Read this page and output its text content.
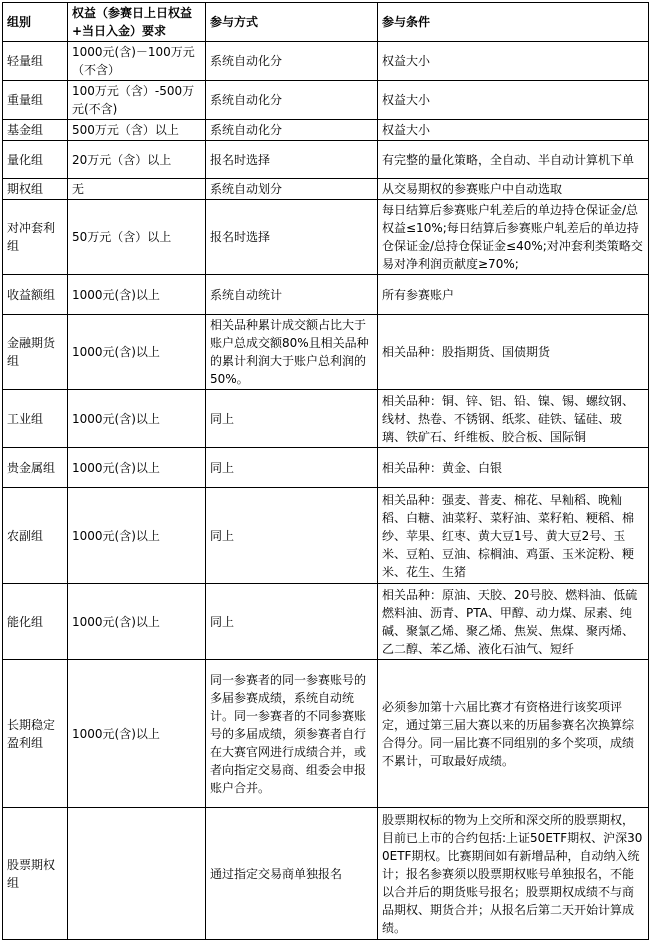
组别	权益（参赛日上日权益+当日入金）要求	参与方式	参与条件
轻量组	1000元(含)－100万元（不含）	系统自动化分	权益大小
重量组	100万元（含）-500万元(不含)	系统自动化分	权益大小
基金组	500万元（含）以上	系统自动化分	权益大小
量化组	20万元（含）以上	报名时选择	有完整的量化策略，全自动、半自动计算机下单
期权组	无	系统自动划分	从交易期权的参赛账户中自动选取
对冲套利组	50万元（含）以上	报名时选择	每日结算后参赛账户轧差后的单边持仓保证金/总权益≤10%;每日结算后参赛账户轧差后的单边持仓保证金/总持仓保证金≤40%;对冲套利类策略交易对净利润贡献度≥70%;
收益额组	1000元(含)以上	系统自动统计	所有参赛账户
金融期货组	1000元(含)以上	相关品种累计成交额占比大于账户总成交额80%且相关品种的累计利润大于账户总利润的50%。	相关品种：股指期货、国债期货
工业组	1000元(含)以上	同上	相关品种：铜、锌、铝、铅、镍、锡、螺纹钢、线材、热卷、不锈钢、纸浆、硅铁、锰硅、玻璃、铁矿石、纤维板、胶合板、国际铜
贵金属组	1000元(含)以上	同上	相关品种：黄金、白银
农副组	1000元(含)以上	同上	相关品种：强麦、普麦、棉花、早籼稻、晚籼稻、白糖、油菜籽、菜籽油、菜籽粕、粳稻、棉纱、苹果、红枣、黄大豆1号、黄大豆2号、玉米、豆粕、豆油、棕榈油、鸡蛋、玉米淀粉、粳米、花生、生猪
能化组	1000元(含)以上	同上	相关品种：原油、天胶、20号胶、燃料油、低硫燃料油、沥青、PTA、甲醇、动力煤、尿素、纯碱、聚氯乙烯、聚乙烯、焦炭、焦煤、聚丙烯、乙二醇、苯乙烯、液化石油气、短纤
长期稳定盈利组	1000元(含)以上	同一参赛者的同一参赛账号的多届参赛成绩，系统自动统计。同一参赛者的不同参赛账号的多届成绩，须参赛者自行在大赛官网进行成绩合并，或者向指定交易商、组委会申报账户合并。	必须参加第十六届比赛才有资格进行该奖项评定，通过第三届大赛以来的历届参赛名次换算综合得分。同一届比赛不同组别的多个奖项，成绩不累计，可取最好成绩。
股票期权组		通过指定交易商单独报名	股票期权标的物为上交所和深交所的股票期权，目前已上市的合约包括:上证50ETF期权、沪深300ETF期权。比赛期间如有新增品种，自动纳入统计；报名参赛须以股票期权账号单独报名，不能以合并后的期货账号报名；股票期权成绩不与商品期权、期货合并；从报名后第二天开始计算成绩。
